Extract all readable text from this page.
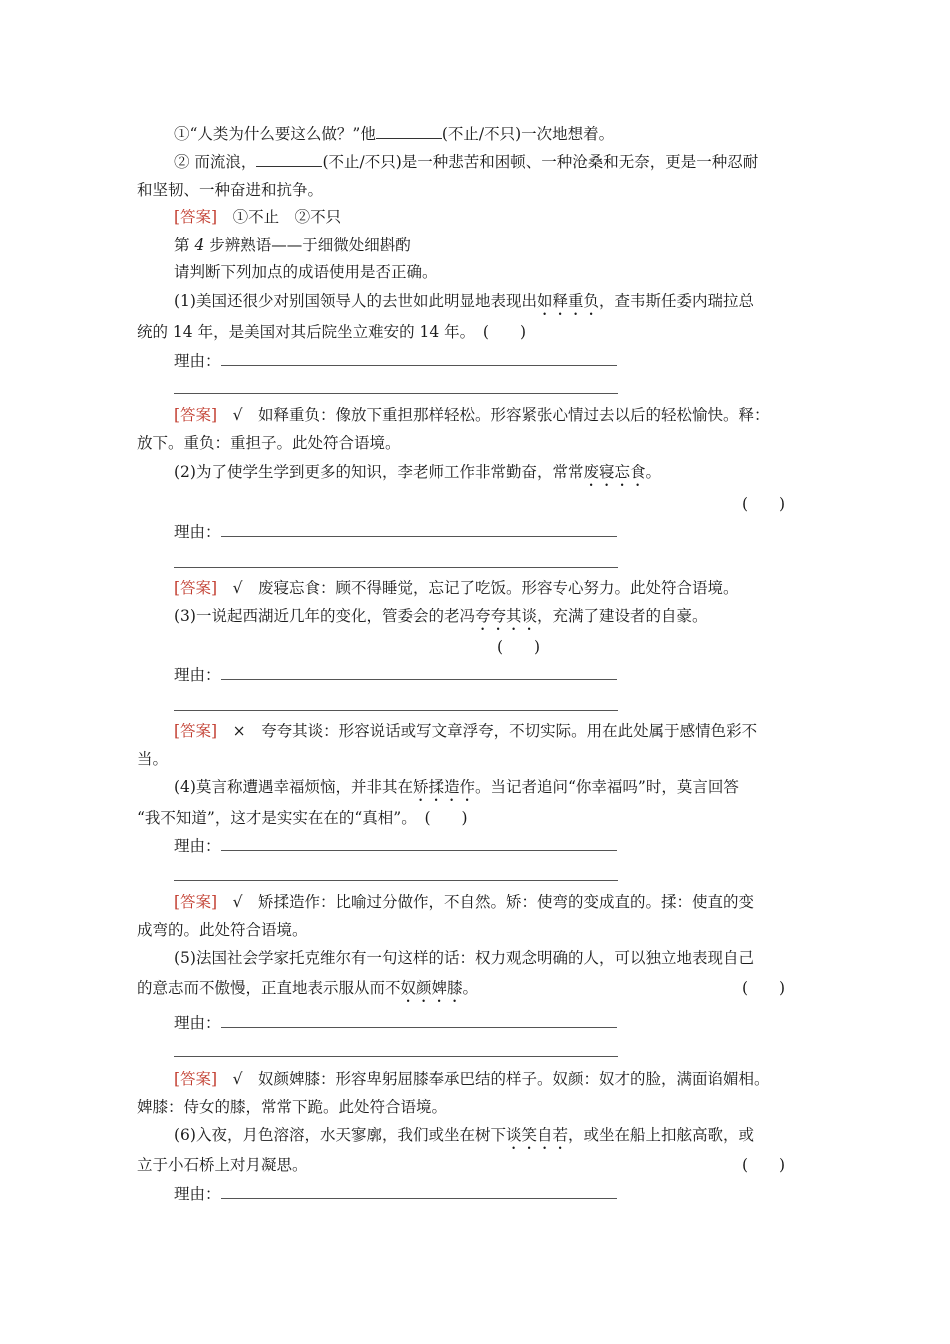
①“人类为什么要这么做？”他	(不止/不只)一次地想着。
② 而流浪，	(不止/不只)是一种悲苦和困顿、一种沧桑和无奈，更是一种忍耐
和坚韧、一种奋进和抗争。
[答案]　 ①不止　②不只
第 4 步辨熟语——于细微处细斟酌
请判断下列加点的成语使用是否正确。
(1)美国还很少对别国领导人的去世如此明显地表现出如释重负，查韦斯任委内瑞拉总
统的 14 年，是美国对其后院坐立难安的 14 年。　 (　　)
理由：
[答案]　 √　 如释重负：像放下重担那样轻松。形容紧张心情过去以后的轻松愉快。释：
放下。重负：重担子。此处符合语境。
(2)为了使学生学到更多的知识，李老师工作非常勤奋，常常废寝忘食。
(　　)
理由：
[答案]　 √　 废寝忘食：顾不得睡觉，忘记了吃饭。形容专心努力。此处符合语境。
(3)一说起西湖近几年的变化，管委会的老冯夸夸其谈，充满了建设者的自豪。
(　　)
理由：
[答案]　 ×　 夸夸其谈：形容说话或写文章浮夸，不切实际。用在此处属于感情色彩不
当。
(4)莫言称遭遇幸福烦恼，并非其在矫揉造作。当记者追问“你幸福吗”时，莫言回答
“我不知道”，这才是实实在在的“真相”。　 (　　)
理由：
[答案]　 √　 矫揉造作：比喻过分做作，不自然。矫：使弯的变成直的。揉：使直的变
成弯的。此处符合语境。
(5)法国社会学家托克维尔有一句这样的话：权力观念明确的人，可以独立地表现自己
的意志而不傲慢，正直地表示服从而不奴颜婢膝。	(　　)
理由：
[答案]　 √　 奴颜婢膝：形容卑躬屈膝奉承巴结的样子。奴颜：奴才的脸，满面谄媚相。
婢膝：侍女的膝，常常下跪。此处符合语境。
(6)入夜，月色溶溶，水天寥廓，我们或坐在树下谈笑自若，或坐在船上扣舷高歌，或
立于小石桥上对月凝思。	(　　)
理由：
